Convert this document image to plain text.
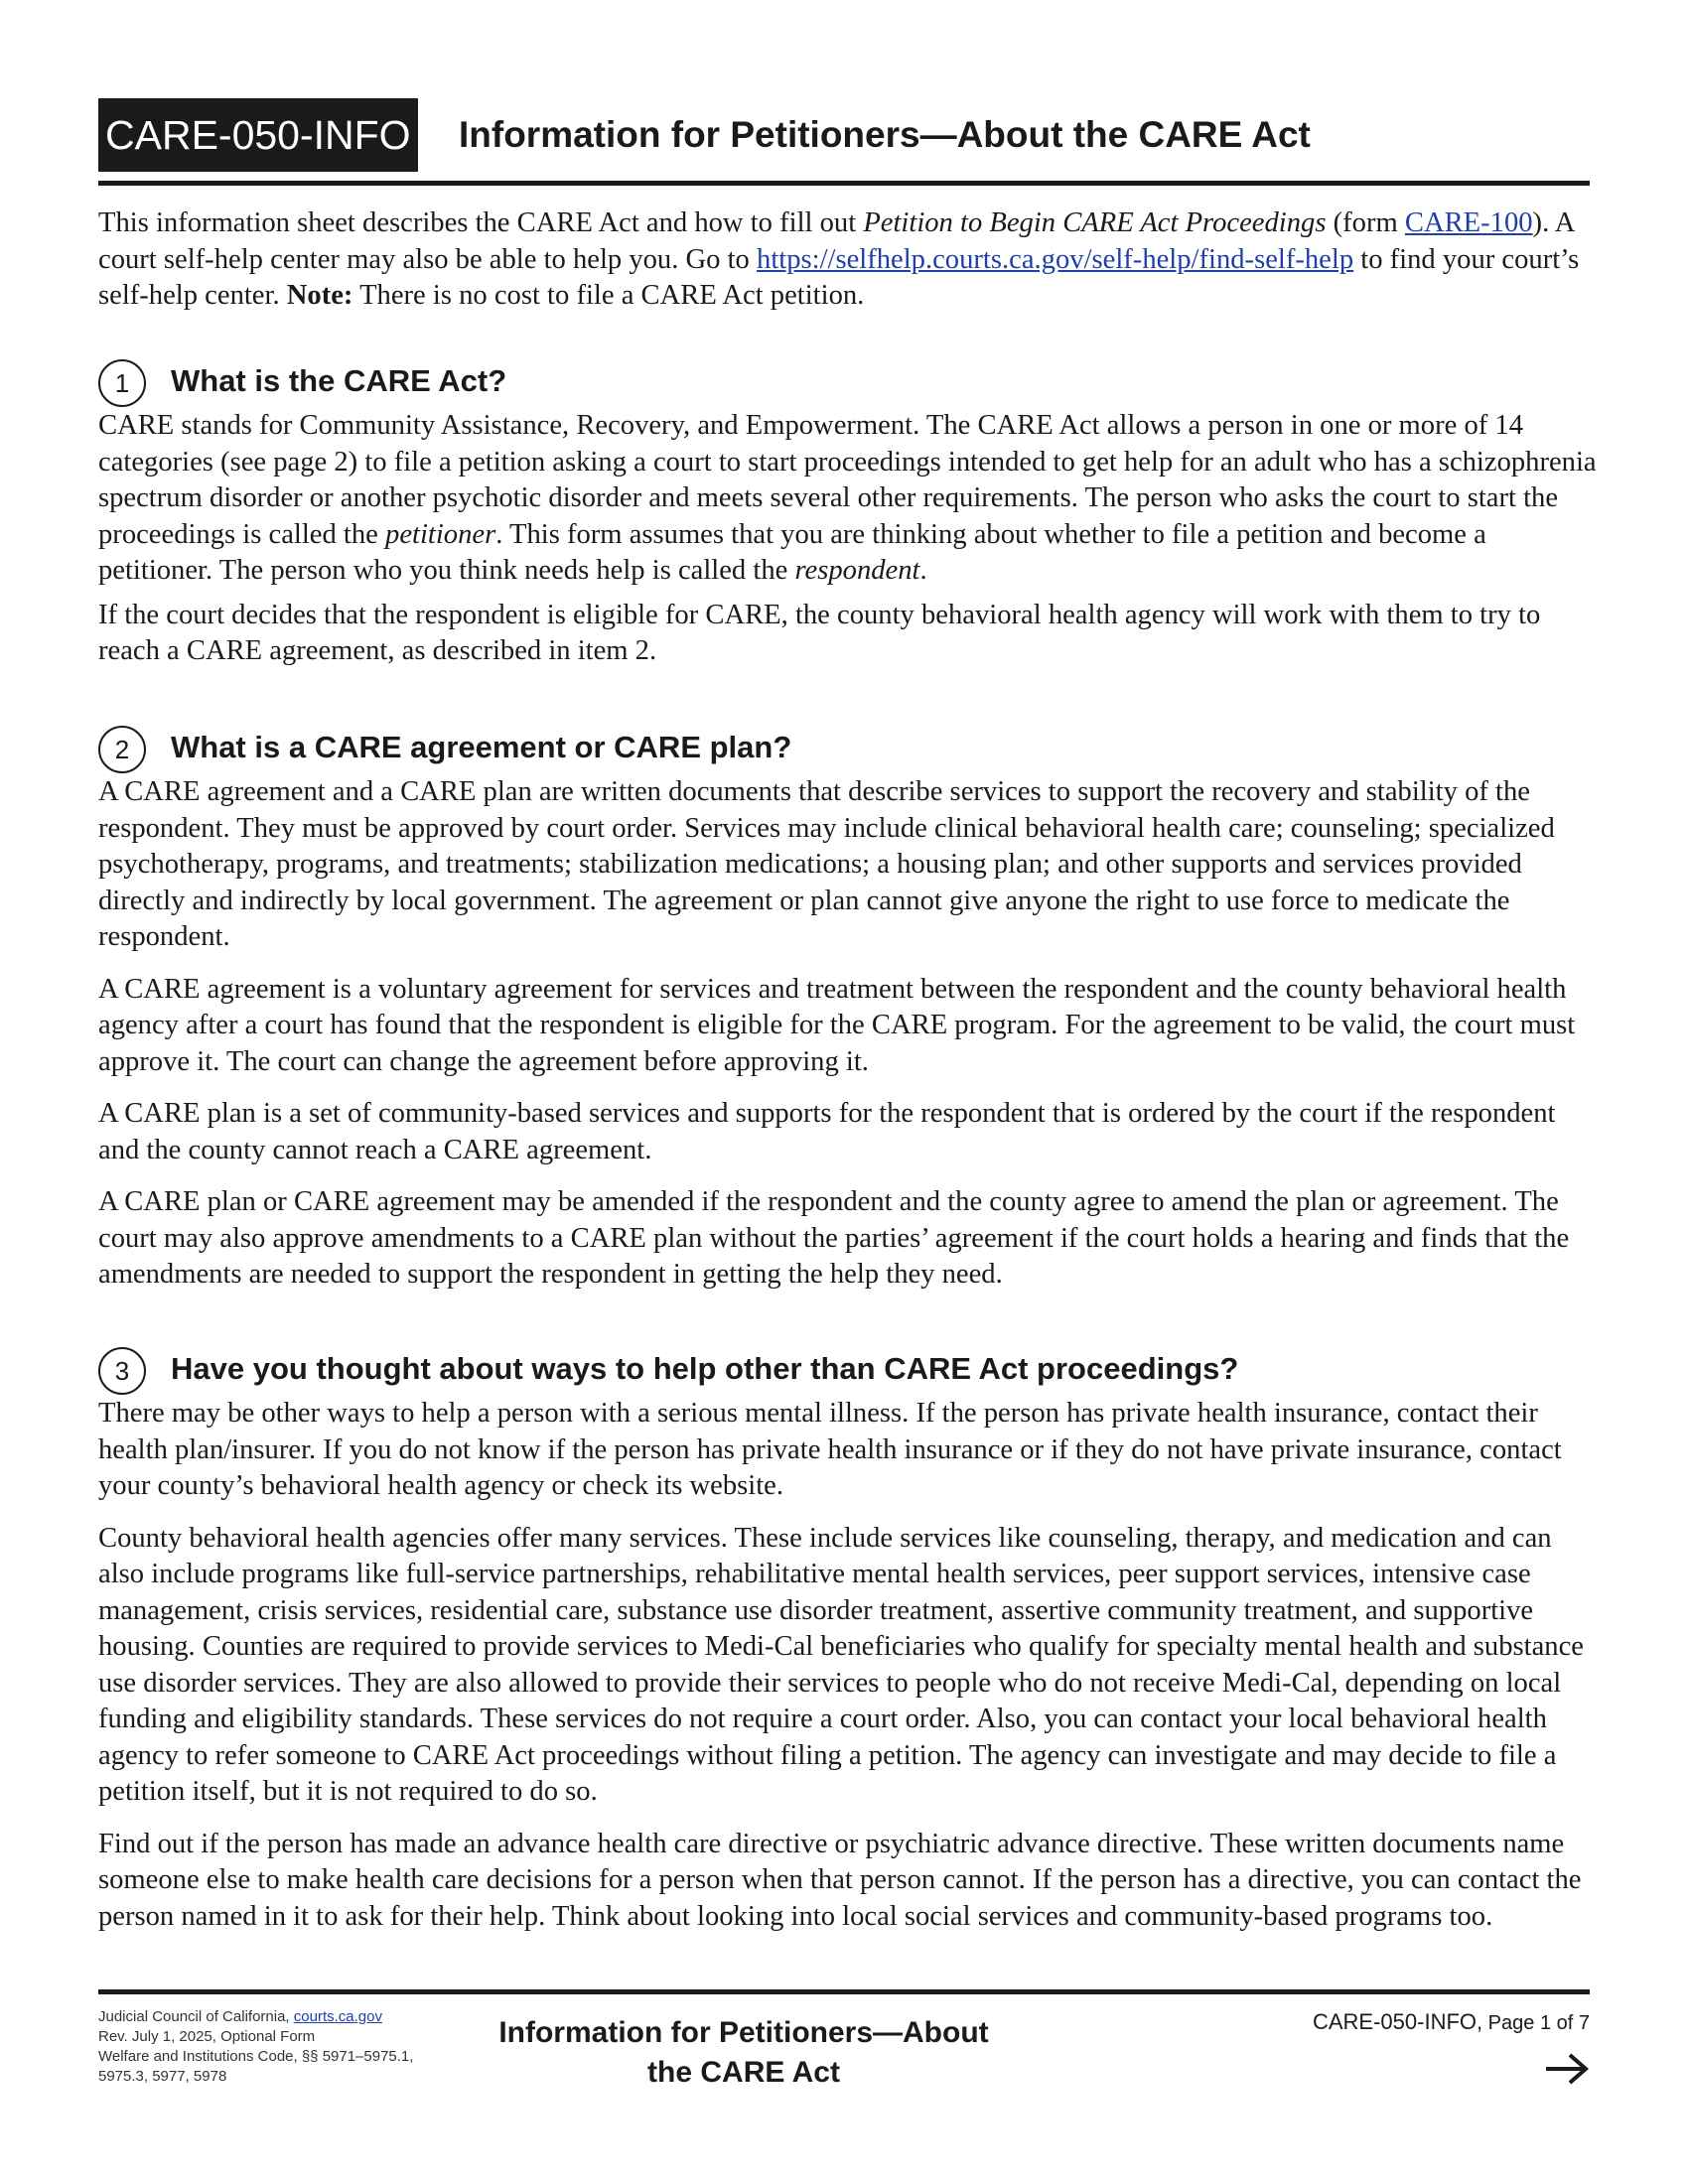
CARE-050-INFO Information for Petitioners—About the CARE Act

This information sheet describes the CARE Act and how to fill out Petition to Begin CARE Act Proceedings (form CARE-100). A court self-help center may also be able to help you. Go to https://selfhelp.courts.ca.gov/self-help/find-self-help to find your court’s self-help center. Note: There is no cost to file a CARE Act petition.

1	What is the CARE Act?

CARE stands for Community Assistance, Recovery, and Empowerment. The CARE Act allows a person in one or more of 14 categories (see page 2) to file a petition asking a court to start proceedings intended to get help for an adult who has a schizophrenia spectrum disorder or another psychotic disorder and meets several other requirements. The person who asks the court to start the proceedings is called the petitioner. This form assumes that you are thinking about whether to file a petition and become a petitioner. The person who you think needs help is called the respondent.

If the court decides that the respondent is eligible for CARE, the county behavioral health agency will work with them to try to reach a CARE agreement, as described in item 2.

2	What is a CARE agreement or CARE plan?

A CARE agreement and a CARE plan are written documents that describe services to support the recovery and stability of the respondent. They must be approved by court order. Services may include clinical behavioral health care; counseling; specialized psychotherapy, programs, and treatments; stabilization medications; a housing plan; and other supports and services provided directly and indirectly by local government. The agreement or plan cannot give anyone the right to use force to medicate the respondent.

A CARE agreement is a voluntary agreement for services and treatment between the respondent and the county behavioral health agency after a court has found that the respondent is eligible for the CARE program. For the agreement to be valid, the court must approve it. The court can change the agreement before approving it.

A CARE plan is a set of community-based services and supports for the respondent that is ordered by the court if the respondent and the county cannot reach a CARE agreement.

A CARE plan or CARE agreement may be amended if the respondent and the county agree to amend the plan or agreement. The court may also approve amendments to a CARE plan without the parties’ agreement if the court holds a hearing and finds that the amendments are needed to support the respondent in getting the help they need.

3	Have you thought about ways to help other than CARE Act proceedings?

There may be other ways to help a person with a serious mental illness. If the person has private health insurance, contact their health plan/insurer. If you do not know if the person has private health insurance or if they do not have private insurance, contact your county’s behavioral health agency or check its website.

County behavioral health agencies offer many services. These include services like counseling, therapy, and medication and can also include programs like full-service partnerships, rehabilitative mental health services, peer support services, intensive case management, crisis services, residential care, substance use disorder treatment, assertive community treatment, and supportive housing. Counties are required to provide services to Medi-Cal beneficiaries who qualify for specialty mental health and substance use disorder services. They are also allowed to provide their services to people who do not receive Medi-Cal, depending on local funding and eligibility standards. These services do not require a court order. Also, you can contact your local behavioral health agency to refer someone to CARE Act proceedings without filing a petition. The agency can investigate and may decide to file a petition itself, but it is not required to do so.

Find out if the person has made an advance health care directive or psychiatric advance directive. These written documents name someone else to make health care decisions for a person when that person cannot. If the person has a directive, you can contact the person named in it to ask for their help. Think about looking into local social services and community-based programs too.

Judicial Council of California, courts.ca.gov
Rev. July 1, 2025, Optional Form
Welfare and Institutions Code, §§ 5971–5975.1,
5975.3, 5977, 5978
Information for Petitioners—About the CARE Act
CARE-050-INFO, Page 1 of 7
